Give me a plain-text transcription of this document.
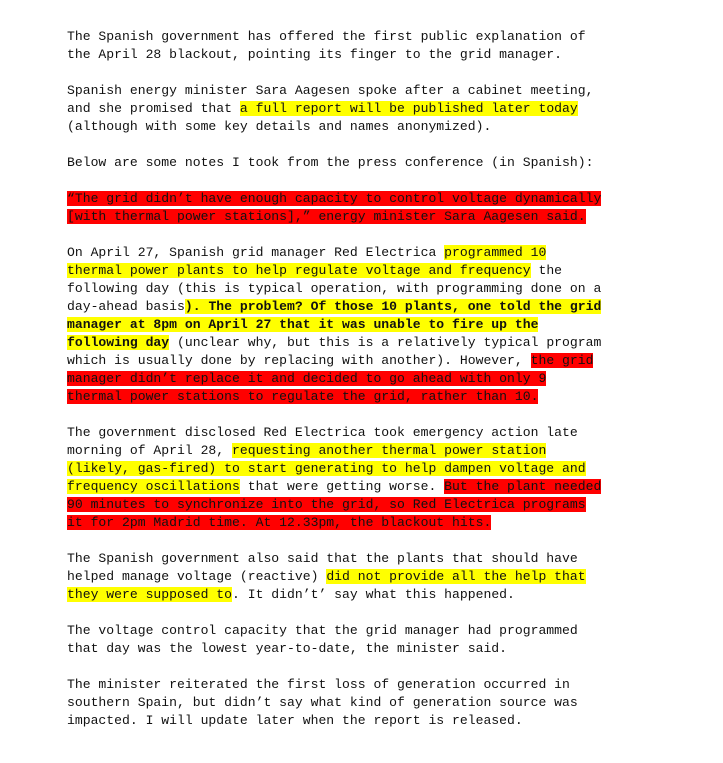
The Spanish government has offered the first public explanation of
the April 28 blackout, pointing its finger to the grid manager.

Spanish energy minister Sara Aagesen spoke after a cabinet meeting,
and she promised that a full report will be published later today
(although with some key details and names anonymized).

Below are some notes I took from the press conference (in Spanish):

“The grid didn’t have enough capacity to control voltage dynamically
[with thermal power stations],” energy minister Sara Aagesen said.

On April 27, Spanish grid manager Red Electrica programmed 10
thermal power plants to help regulate voltage and frequency the
following day (this is typical operation, with programming done on a
day-ahead basis). The problem? Of those 10 plants, one told the grid
manager at 8pm on April 27 that it was unable to fire up the
following day (unclear why, but this is a relatively typical program
which is usually done by replacing with another). However, the grid
manager didn’t replace it and decided to go ahead with only 9
thermal power stations to regulate the grid, rather than 10.

The government disclosed Red Electrica took emergency action late
morning of April 28, requesting another thermal power station
(likely, gas-fired) to start generating to help dampen voltage and
frequency oscillations that were getting worse. But the plant needed
90 minutes to synchronize into the grid, so Red Electrica programs
it for 2pm Madrid time. At 12.33pm, the blackout hits.

The Spanish government also said that the plants that should have
helped manage voltage (reactive) did not provide all the help that
they were supposed to. It didn’t’ say what this happened.

The voltage control capacity that the grid manager had programmed
that day was the lowest year-to-date, the minister said.

The minister reiterated the first loss of generation occurred in
southern Spain, but didn’t say what kind of generation source was
impacted. I will update later when the report is released.
